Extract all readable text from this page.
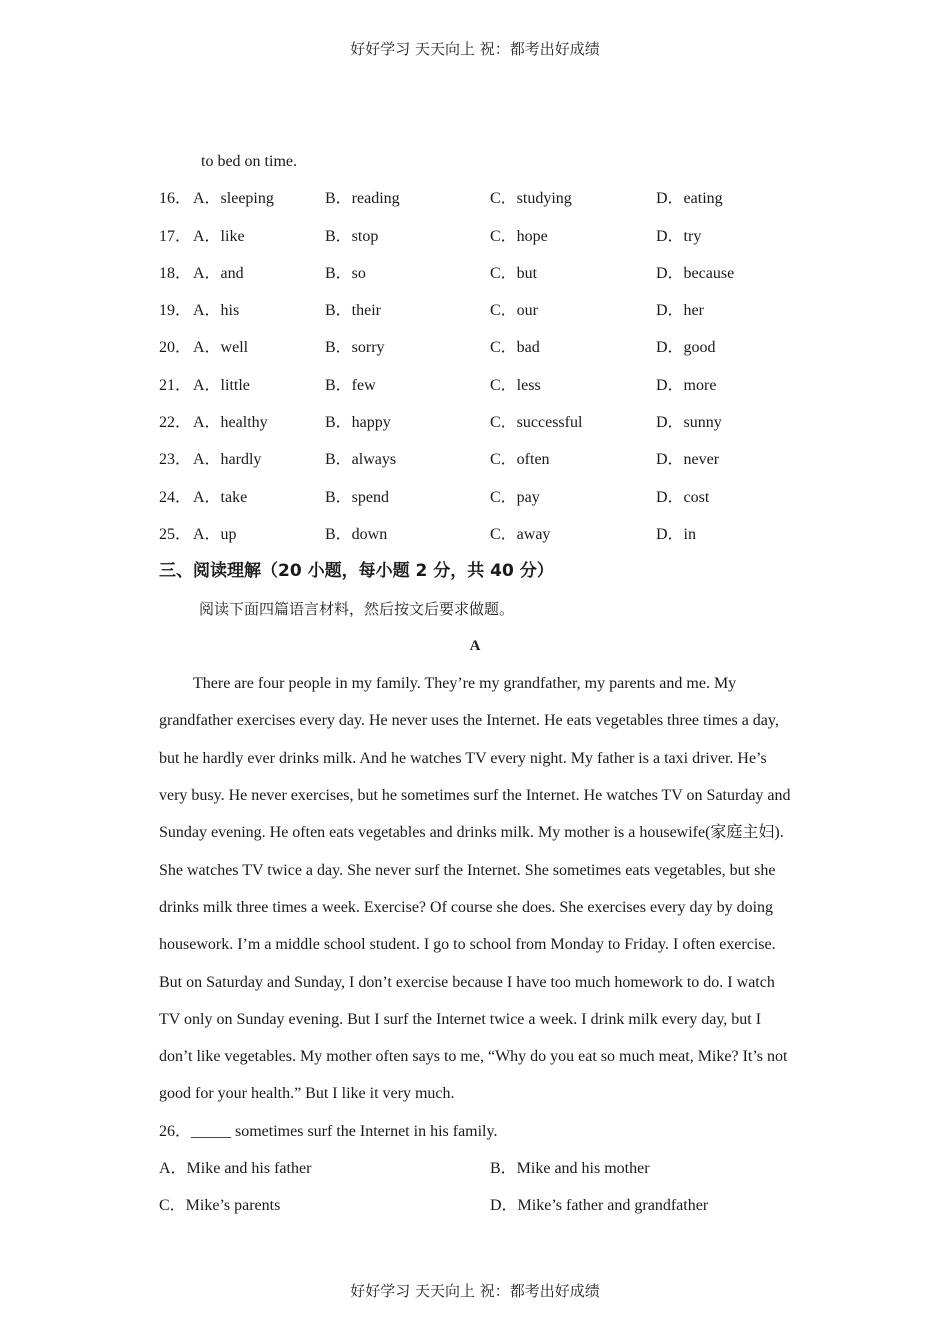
好好学习 天天向上 祝：都考出好成绩
to bed on time.
16． A．sleeping	B．reading	C．studying	D．eating
17． A．like	B．stop	C．hope	D．try
18． A．and	B．so	C．but	D．because
19． A．his	B．their	C．our	D．her
20． A．well	B．sorry	C．bad	D．good
21． A．little	B．few	C．less	D．more
22． A．healthy	B．happy	C．successful	D．sunny
23． A．hardly	B．always	C．often	D．never
24． A．take	B．spend	C．pay	D．cost
25． A．up	B．down	C．away	D．in
三、阅读理解（20 小题，每小题 2 分，共 40 分）
阅读下面四篇语言材料，然后按文后要求做题。
A

There are four people in my family. They’re my grandfather, my parents and me. My grandfather exercises every day. He never uses the Internet. He eats vegetables three times a day, but he hardly ever drinks milk. And he watches TV every night. My father is a taxi driver. He’s very busy. He never exercises, but he sometimes surf the Internet. He watches TV on Saturday and Sunday evening. He often eats vegetables and drinks milk. My mother is a housewife(家庭主妇). She watches TV twice a day. She never surf the Internet. She sometimes eats vegetables, but she drinks milk three times a week. Exercise? Of course she does. She exercises every day by doing housework. I’m a middle school student. I go to school from Monday to Friday. I often exercise. But on Saturday and Sunday, I don’t exercise because I have too much homework to do. I watch TV only on Sunday evening. But I surf the Internet twice a week. I drink milk every day, but I don’t like vegetables. My mother often says to me, “Why do you eat so much meat, Mike? It’s not good for your health.” But I like it very much.

26．_____ sometimes surf the Internet in his family.
A．Mike and his father	B．Mike and his mother
C．Mike’s parents	D．Mike’s father and grandfather
好好学习 天天向上 祝：都考出好成绩
